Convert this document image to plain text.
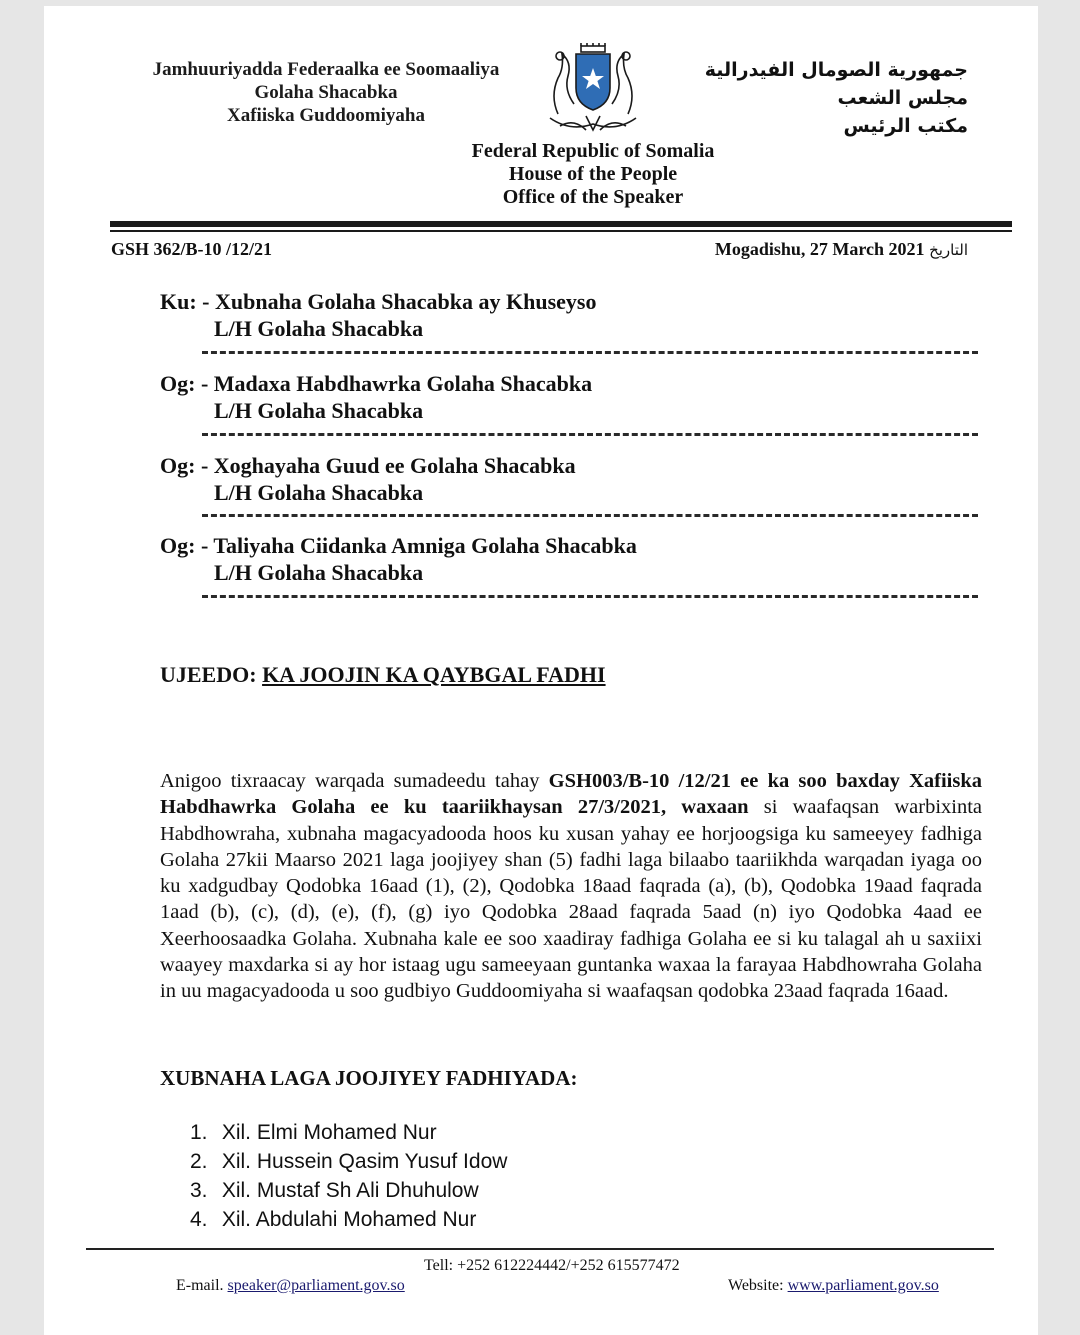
Jamhuuriyadda Federaalka ee Soomaaliya
Golaha Shacabka
Xafiiska Guddoomiyaha
جمهورية الصومال الفيدرالية
مجلس الشعب
مكتب الرئيس
Federal Republic of Somalia
House of the People
Office of the Speaker
GSH 362/B-10 /12/21	Mogadishu, 27 March 2021 التاريخ
Ku: - Xubnaha Golaha Shacabka ay Khuseyso
L/H Golaha Shacabka
Og: - Madaxa Habdhawrka Golaha Shacabka
L/H Golaha Shacabka
Og: - Xoghayaha Guud ee Golaha Shacabka
L/H Golaha Shacabka
Og: - Taliyaha Ciidanka Amniga Golaha Shacabka
L/H Golaha Shacabka
UJEEDO: KA JOOJIN KA QAYBGAL FADHI
Anigoo tixraacay warqada sumadeedu tahay GSH003/B-10 /12/21 ee ka soo baxday Xafiiska Habdhawrka Golaha ee ku taariikhaysan 27/3/2021, waxaan si waafaqsan warbixinta Habdhowraha, xubnaha magacyadooda hoos ku xusan yahay ee horjoogsiga ku sameeyey fadhiga Golaha 27kii Maarso 2021 laga joojiyey shan (5) fadhi laga bilaabo taariikhda warqadan iyaga oo ku xadgudbay Qodobka 16aad (1), (2), Qodobka 18aad faqrada (a), (b), Qodobka 19aad faqrada 1aad (b), (c), (d), (e), (f), (g) iyo Qodobka 28aad faqrada 5aad (n) iyo Qodobka 4aad ee Xeerhoosaadka Golaha. Xubnaha kale ee soo xaadiray fadhiga Golaha ee si ku talagal ah u saxiixi waayey maxdarka si ay hor istaag ugu sameeyaan guntanka waxaa la farayaa Habdhowraha Golaha in uu magacyadooda u soo gudbiyo Guddoomiyaha si waafaqsan qodobka 23aad faqrada 16aad.
XUBNAHA LAGA JOOJIYEY FADHIYADA:
1. Xil. Elmi Mohamed Nur
2. Xil. Hussein Qasim Yusuf Idow
3. Xil. Mustaf Sh Ali Dhuhulow
4. Xil. Abdulahi Mohamed Nur
Tell: +252 612224442/+252 615577472
E-mail. speaker@parliament.gov.so	Website: www.parliament.gov.so
